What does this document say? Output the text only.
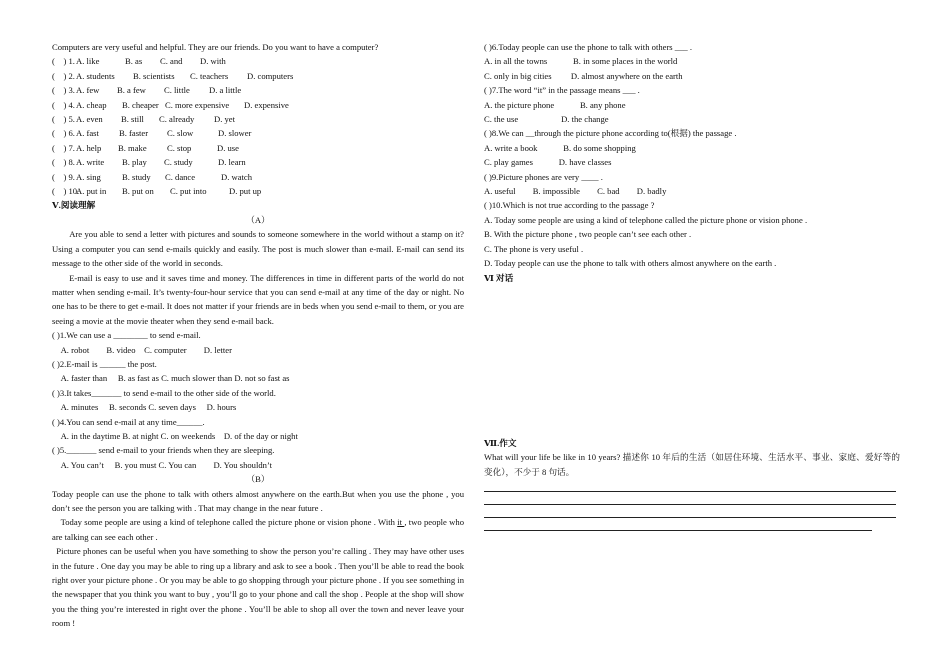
Computers are very useful and helpful. They are our friends. Do you want to have a computer?
(　) 1.A. like	B. as C. and D. with
(　) 2.A. students B. scientists C. teachers D. computers
(　) 3.A. few B. a few C. little D. a little
(　) 4.A. cheap B. cheaper C. more expensive D. expensive
(　) 5.A. even B. still C. already D. yet
(　) 6.A. fast B. faster C. slow	D. slower
(　) 7.A. help B. make C. stop	D. use
(　) 8.A. write B. play C. study	D. learn
(　) 9.A. sing B. study C. dance	D. watch
(　) 10.A. put in B. put on C. put into	D. put up
Ⅴ.阅读理解
（A）
Are you able to send a letter with pictures and sounds to someone somewhere in the world without a stamp on it? Using a computer you can send e-mails quickly and easily. The post is much slower than e-mail. E-mail can send its message to the other side of the world in seconds.
E-mail is easy to use and it saves time and money. The differences in time in different parts of the world do not matter when sending e-mail. It’s twenty-four-hour service that you can send e-mail at any time of the day or night. No one has to be there to get e-mail. It does not matter if your friends are in beds when you send e-mail to them, or you are seeing a movie at the movie theater when they send e-mail back.
( )1.We can use a ________ to send e-mail.
A. robot　　B. video　C. computer　　D. letter
( )2.E-mail is ______ the post.
A. faster than　 B. as fast as C. much slower than D. not so fast as
( )3.It takes_______ to send e-mail to the other side of the world.
A. minutes　 B. seconds C. seven days　 D. hours
( )4.You can send e-mail at any time______.
A. in the daytime B. at night C. on weekends　D. of the day or night
( )5._______ send e-mail to your friends when they are sleeping.
A. You can’t　 B. you must C. You can　　D. You shouldn’t
（B）
Today people can use the phone to talk with others almost anywhere on the earth.But when you use the phone , you don’t see the person you are talking with . That may change in the near future .
Today some people are using a kind of telephone called the picture phone or vision phone . With it , two people who are talking can see each other .
Picture phones can be useful when you have something to show the person you’re calling . They may have other uses in the future . One day you may be able to ring up a library and ask to see a book . Then you’ll be able to read the book right over your picture phone . Or you may be able to go shopping through your picture phone . If you see something in the newspaper that you think you want to buy , you’ll go to your phone and call the shop . People at the shop will show you the thing you’re interested in right over the phone . You’ll be able to shop all over the town and never leave your room !
( )6.Today people can use the phone to talk with others ___ .
A. in all the towns　　　B. in some places in the world
C. only in big cities　　 D. almost anywhere on the earth
( )7.The word “it” in the passage means ___ .
A. the picture phone　　　B. any phone
C. the use　　　　　D. the change
( )8.We can __through the picture phone according to(根据) the passage .
A. write a book　　　B. do some shopping
C. play games　　　D. have classes
( )9.Picture phones are very ____ .
A. useful　　B. impossible　　C. bad　　D. badly
( )10.Which is not true according to the passage ?
A. Today some people are using a kind of telephone called the picture phone or vision phone .
B. With the picture phone , two people can’t see each other .
C. The phone is very useful .
D. Today people can use the phone to talk with others almost anywhere on the earth .
Ⅵ 对话
Ⅶ.作文
What will your life be like in 10 years? 描述你 10 年后的生活（如居住环境、生活水平、事业、家庭、爱好等的变化），不少于 8 句话。
